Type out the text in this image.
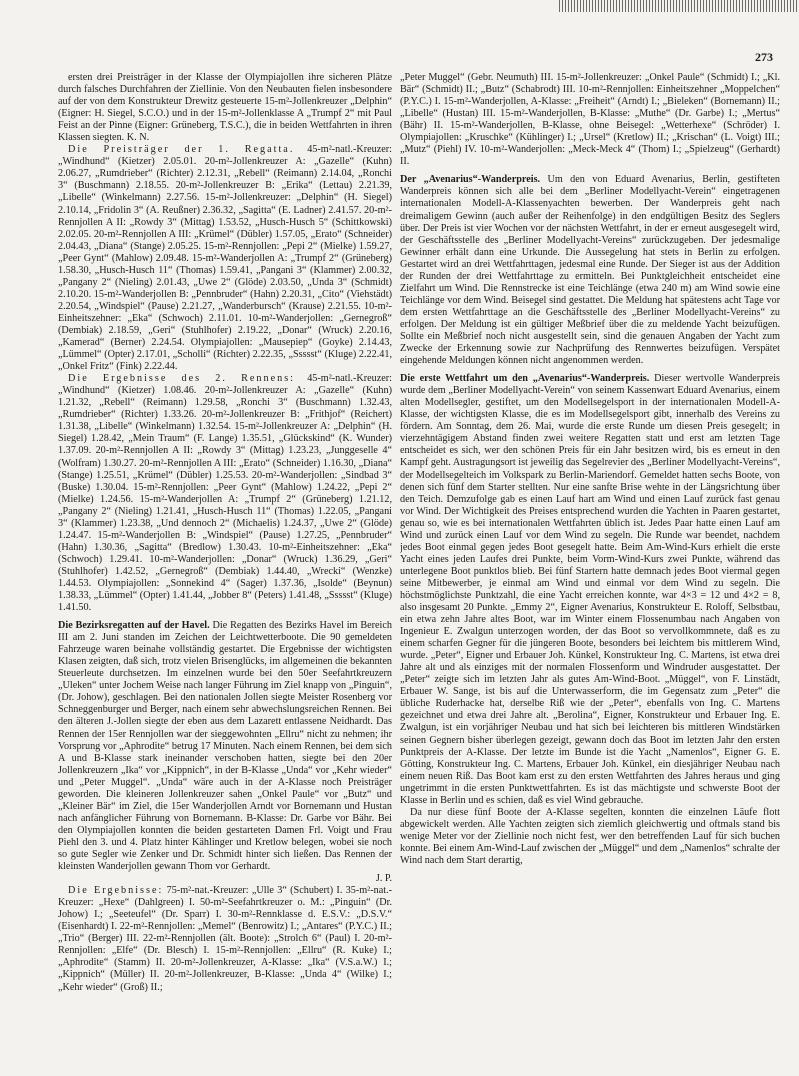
273

ersten drei Preisträger in der Klasse der Olympiajollen ihre sicheren Plätze durch falsches Durchfahren der Ziellinie. Von den Neubauten fielen insbesondere auf der von dem Konstrukteur Drewitz gesteuerte 15-m²-Jollenkreuzer „Delphin“ (Eigner: H. Siegel, S.C.O.) und in der 15-m²-Jollenklasse A „Trumpf 2“ mit Paul Feist an der Pinne (Eigner: Grüneberg, T.S.C.), die in beiden Wettfahrten in ihren Klassen siegten. K. N.

Die Preisträger der 1. Regatta. 45-m²-natl.-Kreuzer: „Windhund“ (Kietzer) 2.05.01. 20-m²-Jollenkreuzer A: „Gazelle“ (Kuhn) 2.06.27, „Rumdrieber“ (Richter) 2.12.31, „Rebell“ (Reimann) 2.14.04, „Ronchi 3“ (Buschmann) 2.18.55. 20-m²-Jollenkreuzer B: „Erika“ (Lettau) 2.21.39, „Libelle“ (Winkelmann) 2.27.56. 15-m²-Jollenkreuzer: „Delphin“ (H. Siegel) 2.10.14, „Fridolin 3“ (A. Reußner) 2.36.32, „Sagitta“ (E. Ladner) 2.41.57. 20-m²-Rennjollen A II: „Rowdy 3“ (Mittag) 1.53.52, „Husch-Husch 5“ (Schittkowski) 2.02.05. 20-m²-Rennjollen A III: „Krümel“ (Dübler) 1.57.05, „Erato“ (Schneider) 2.04.43, „Diana“ (Stange) 2.05.25. 15-m²-Rennjollen: „Pepi 2“ (Mielke) 1.59.27, „Peer Gynt“ (Mahlow) 2.09.48. 15-m²-Wanderjollen A: „Trumpf 2“ (Grüneberg) 1.58.30, „Husch-Husch 11“ (Thomas) 1.59.41, „Pangani 3“ (Klammer) 2.00.32, „Pangany 2“ (Nieling) 2.01.43, „Uwe 2“ (Glöde) 2.03.50, „Unda 3“ (Schmidt) 2.10.20. 15-m²-Wanderjollen B: „Pennbruder“ (Hahn) 2.20.31, „Cito“ (Viehstädt) 2.20.54, „Windspiel“ (Pause) 2.21.27, „Wanderbursch“ (Krause) 2.21.55. 10-m²-Einheitszehner: „Eka“ (Schwoch) 2.11.01. 10-m²-Wanderjollen: „Gernegroß“ (Dembiak) 2.18.59, „Geri“ (Stuhlhofer) 2.19.22, „Donar“ (Wruck) 2.20.16, „Kamerad“ (Berner) 2.24.54. Olympiajollen: „Mausepiep“ (Goyke) 2.14.43, „Lümmel“ (Opter) 2.17.01, „Scholli“ (Richter) 2.22.35, „Ssssst“ (Kluge) 2.22.41, „Onkel Fritz“ (Fink) 2.22.44.

Die Ergebnisse des 2. Rennens: 45-m²-natl.-Kreuzer: „Windhund“ (Kietzer) 1.08.46. 20-m²-Jollenkreuzer A: „Gazelle“ (Kuhn) 1.21.32, „Rebell“ (Reimann) 1.29.58, „Ronchi 3“ (Buschmann) 1.32.43, „Rumdrieber“ (Richter) 1.33.26. 20-m²-Jollenkreuzer B: „Frithjof“ (Reichert) 1.31.38, „Libelle“ (Winkelmann) 1.32.54. 15-m²-Jollenkreuzer A: „Delphin“ (H. Siegel) 1.28.42, „Mein Traum“ (F. Lange) 1.35.51, „Glückskind“ (K. Wunder) 1.37.09. 20-m²-Rennjollen A II: „Rowdy 3“ (Mittag) 1.23.23, „Junggeselle 4“ (Wolfram) 1.30.27. 20-m²-Rennjollen A III: „Erato“ (Schneider) 1.16.30, „Diana“ (Stange) 1.25.51, „Krümel“ (Dübler) 1.25.53. 20-m²-Wanderjollen: „Sindbad 3“ (Buske) 1.30.04. 15-m²-Rennjollen: „Peer Gynt“ (Mahlow) 1.24.22, „Pepi 2“ (Mielke) 1.24.56. 15-m²-Wanderjollen A: „Trumpf 2“ (Grüneberg) 1.21.12, „Pangany 2“ (Nieling) 1.21.41, „Husch-Husch 11“ (Thomas) 1.22.05, „Pangani 3“ (Klammer) 1.23.38, „Und dennoch 2“ (Michaelis) 1.24.37, „Uwe 2“ (Glöde) 1.24.47. 15-m²-Wanderjollen B: „Windspiel“ (Pause) 1.27.25, „Pennbruder“ (Hahn) 1.30.36, „Sagitta“ (Bredlow) 1.30.43. 10-m²-Einheitszehner: „Eka“ (Schwoch) 1.29.41. 10-m²-Wanderjollen: „Donar“ (Wruck) 1.36.29, „Geri“ (Stuhlhofer) 1.42.52, „Gernegroß“ (Dembiak) 1.44.40, „Wrecki“ (Wenzke) 1.44.53. Olympiajollen: „Sonnekind 4“ (Sager) 1.37.36, „Isolde“ (Beynun) 1.38.33, „Lümmel“ (Opter) 1.41.44, „Jobber 8“ (Peters) 1.41.48, „Ssssst“ (Kluge) 1.41.50.

Die Bezirksregatten auf der Havel. Die Regatten des Bezirks Havel im Bereich III am 2. Juni standen im Zeichen der Leichtwetterboote. Die 90 gemeldeten Fahrzeuge waren beinahe vollständig gestartet. Die Ergebnisse der wichtigsten Klasen zeigten, daß sich, trotz vielen Brisenglücks, im allgemeinen die bekannten Steuerleute durchsetzen. Im einzelnen wurde bei den 50er Seefahrtkreuzern „Uleken“ unter Jochem Weise nach langer Führung im Ziel knapp von „Pinguin“, (Dr. Johow), geschlagen. Bei den nationalen Jollen siegte Meister Rosenberg vor Schneggenburger und Berger, nach einem sehr abwechslungsreichen Rennen. Bei den älteren J.-Jollen siegte der eben aus dem Lazarett entlassene Neidhardt. Das Rennen der 15er Rennjollen war der sieggewohnten „Ellru“ nicht zu nehmen; ihr Vorsprung vor „Aphrodite“ betrug 17 Minuten. Nach einem Rennen, bei dem sich A und B-Klasse stark ineinander verschoben hatten, siegte bei den 20er Jollenkreuzern „Ika“ vor „Kippnich“, in der B-Klasse „Unda“ vor „Kehr wieder“ und „Peter Muggel“. „Unda“ wäre auch in der A-Klasse noch Preisträger geworden. Die kleineren Jollenkreuzer sahen „Onkel Paule“ vor „Butz“ und „Kleiner Bär“ im Ziel, die 15er Wanderjollen Arndt vor Bornemann und Hustan nach anfänglicher Führung von Bornemann. B-Klasse: Dr. Garbe vor Bähr. Bei den Olympiajollen konnten die beiden gestarteten Damen Frl. Voigt und Frau Piehl den 3. und 4. Platz hinter Kählinger und Kretlow belegen, wobei sie noch so gute Segler wie Zenker und Dr. Schmidt hinter sich ließen. Das Rennen der kleinsten Wanderjollen gewann Thom vor Gerhardt.

J. P.

Die Ergebnisse: 75-m²-nat.-Kreuzer: „Ulle 3“ (Schubert) I. 35-m²-nat.-Kreuzer: „Hexe“ (Dahlgreen) I. 50-m²-Seefahrtkreuzer o. M.: „Pinguin“ (Dr. Johow) I.; „Seeteufel“ (Dr. Sparr) I. 30-m²-Rennklasse d. E.S.V.: „D.S.V.“ (Eisenhardt) I. 22-m²-Rennjollen: „Memel“ (Benrowitz) I.; „Antares“ (P.Y.C.) II.; „Trio“ (Berger) III. 22-m²-Rennjollen (ält. Boote): „Strolch 6“ (Paul) I. 20-m²-Rennjollen: „Elfe“ (Dr. Blesch) I. 15-m²-Rennjollen: „Ellru“ (R. Kuke) I.; „Aphrodite“ (Stamm) II. 20-m²-Jollenkreuzer, A-Klasse: „Ika“ (V.S.a.W.) I.; „Kippnich“ (Müller) II. 20-m²-Jollenkreuzer, B-Klasse: „Unda 4“ (Wilke) I.; „Kehr wieder“ (Groß) II.;

„Peter Muggel“ (Gebr. Neumuth) III. 15-m²-Jollenkreuzer: „Onkel Paule“ (Schmidt) I.; „Kl. Bär“ (Schmidt) II.; „Butz“ (Schabrodt) III. 10-m²-Rennjollen: Einheitszehner „Moppelchen“ (P.Y.C.) I. 15-m²-Wanderjollen, A-Klasse: „Freiheit“ (Arndt) I.; „Bieleken“ (Bornemann) II.; „Libelle“ (Hustan) III. 15-m²-Wanderjollen, B-Klasse: „Muthe“ (Dr. Garbe) I.; „Mertus“ (Bähr) II. 15-m²-Wanderjollen, B-Klasse, ohne Beisegel: „Wetterhexe“ (Schröder) I. Olympiajollen: „Kruschke“ (Kühlinger) I.; „Ursel“ (Kretlow) II.; „Krischan“ (L. Voigt) III.; „Mutz“ (Piehl) IV. 10-m²-Wanderjollen: „Meck-Meck 4“ (Thom) I.; „Spielzeug“ (Gerhardt) II.

Der „Avenarius“-Wanderpreis. Um den von Eduard Avenarius, Berlin, gestifteten Wanderpreis können sich alle bei dem „Berliner Modellyacht-Verein“ eingetragenen internationalen Modell-A-Klassenyachten bewerben. Der Wanderpreis geht nach dreimaligem Gewinn (auch außer der Reihenfolge) in den endgültigen Besitz des Seglers über. Der Preis ist vier Wochen vor der nächsten Wettfahrt, in der er erneut ausgesegelt wird, der Geschäftsstelle des „Berliner Modellyacht-Vereins“ zurückzugeben. Der jedesmalige Gewinner erhält dann eine Urkunde. Die Aussegelung hat stets in Berlin zu erfolgen. Gestartet wird an drei Wettfahrttagen, jedesmal eine Runde. Der Sieger ist aus der Addition der Runden der drei Wettfahrttage zu ermitteln. Bei Punktgleichheit entscheidet eine Zielfahrt um Wind. Die Rennstrecke ist eine Teichlänge (etwa 240 m) am Wind sowie eine Teichlänge vor dem Wind. Beisegel sind gestattet. Die Meldung hat spätestens acht Tage vor dem ersten Wettfahrttage an die Geschäftsstelle des „Berliner Modellyacht-Vereins“ zu erfolgen. Der Meldung ist ein gültiger Meßbrief über die zu meldende Yacht beizufügen. Sollte ein Meßbrief noch nicht ausgestellt sein, sind die genauen Angaben der Yacht zum Zwecke der Erkennung sowie zur Nachprüfung des Rennwertes beizufügen. Verspätet eingehende Meldungen können nicht angenommen werden.

Die erste Wettfahrt um den „Avenarius“-Wanderpreis. Dieser wertvolle Wanderpreis wurde dem „Berliner Modellyacht-Verein“ von seinem Kassenwart Eduard Avenarius, einem alten Modellsegler, gestiftet, um den Modellsegelsport in der internationalen Modell-A-Klasse, der wichtigsten Klasse, die es im Modellsegelsport gibt, innerhalb des Vereins zu fördern. Am Sonntag, dem 26. Mai, wurde die erste Runde um diesen Preis gesegelt; in vierzehntägigem Abstand finden zwei weitere Regatten statt und erst am letzten Tage entscheidet es sich, wer den schönen Preis für ein Jahr besitzen wird, bis es erneut in den Kampf geht. Austragungsort ist jeweilig das Segelrevier des „Berliner Modellyacht-Vereins“, der Modellsegelteich im Volkspark zu Berlin-Mariendorf. Gemeldet hatten sechs Boote, von denen sich fünf dem Starter stellten. Nur eine sanfte Brise wehte in der Längsrichtung über den Teich. Demzufolge gab es einen Lauf hart am Wind und einen Lauf zurück fast genau vor Wind. Der Wichtigkeit des Preises entsprechend wurden die Yachten in Paaren gestartet, genau so, wie es bei internationalen Wettfahrten üblich ist. Jedes Paar hatte einen Lauf am Wind und zurück einen Lauf vor dem Wind zu segeln. Die Runde war beendet, nachdem jedes Boot einmal gegen jedes Boot gesegelt hatte. Beim Am-Wind-Kurs erhielt die erste Yacht eines jeden Laufes drei Punkte, beim Vorm-Wind-Kurs zwei Punkte, während das unterlegene Boot punktlos blieb. Bei fünf Startern hatte demnach jedes Boot viermal gegen seine Mitbewerber, je einmal am Wind und einmal vor dem Wind zu segeln. Die höchstmöglichste Punktzahl, die eine Yacht erreichen konnte, war 4×3 = 12 und 4×2 = 8, also insgesamt 20 Punkte. „Emmy 2“, Eigner Avenarius, Konstrukteur E. Roloff, Selbstbau, ein etwa zehn Jahre altes Boot, war im Winter einem Flossenumbau nach Angaben von Ingenieur E. Zwalgun unterzogen worden, der das Boot so vervollkommnete, daß es zu einem scharfen Gegner für die jüngeren Boote, besonders bei leichtem bis mittlerem Wind, wurde. „Peter“, Eigner und Erbauer Joh. Künkel, Konstrukteur Ing. C. Martens, ist etwa drei Jahre alt und als einziges mit der normalen Flossenform und Windruder ausgestattet. Der „Peter“ zeigte sich im letzten Jahr als gutes Am-Wind-Boot. „Müggel“, von F. Linstädt, Erbauer W. Sange, ist bis auf die Unterwasserform, die im Gegensatz zum „Peter“ die übliche Ruderhacke hat, derselbe Riß wie der „Peter“, ebenfalls von Ing. C. Martens gezeichnet und etwa drei Jahre alt. „Berolina“, Eigner, Konstrukteur und Erbauer Ing. E. Zwalgun, ist ein vorjähriger Neubau und hat sich bei leichteren bis mittleren Windstärken seinen Gegnern bisher überlegen gezeigt, gewann doch das Boot im letzten Jahr den ersten Punktpreis der A-Klasse. Der letzte im Bunde ist die Yacht „Namenlos“, Eigner G. E. Götting, Konstrukteur Ing. C. Martens, Erbauer Joh. Künkel, ein diesjähriger Neubau nach einem neuen Riß. Das Boot kam erst zu den ersten Wettfahrten des Jahres heraus und ging ungetrimmt in die ersten Punktwettfahrten. Es ist das mächtigste und schwerste Boot der Klasse in Berlin und es schien, daß es viel Wind gebrauche.

Da nur diese fünf Boote der A-Klasse segelten, konnten die einzelnen Läufe flott abgewickelt werden. Alle Yachten zeigten sich ziemlich gleichwertig und oftmals stand bis wenige Meter vor der Ziellinie noch nicht fest, wer den betreffenden Lauf für sich buchen konnte. Bei einem Am-Wind-Lauf zwischen der „Müggel“ und dem „Namenlos“ schralte der Wind nach dem Start derartig,
